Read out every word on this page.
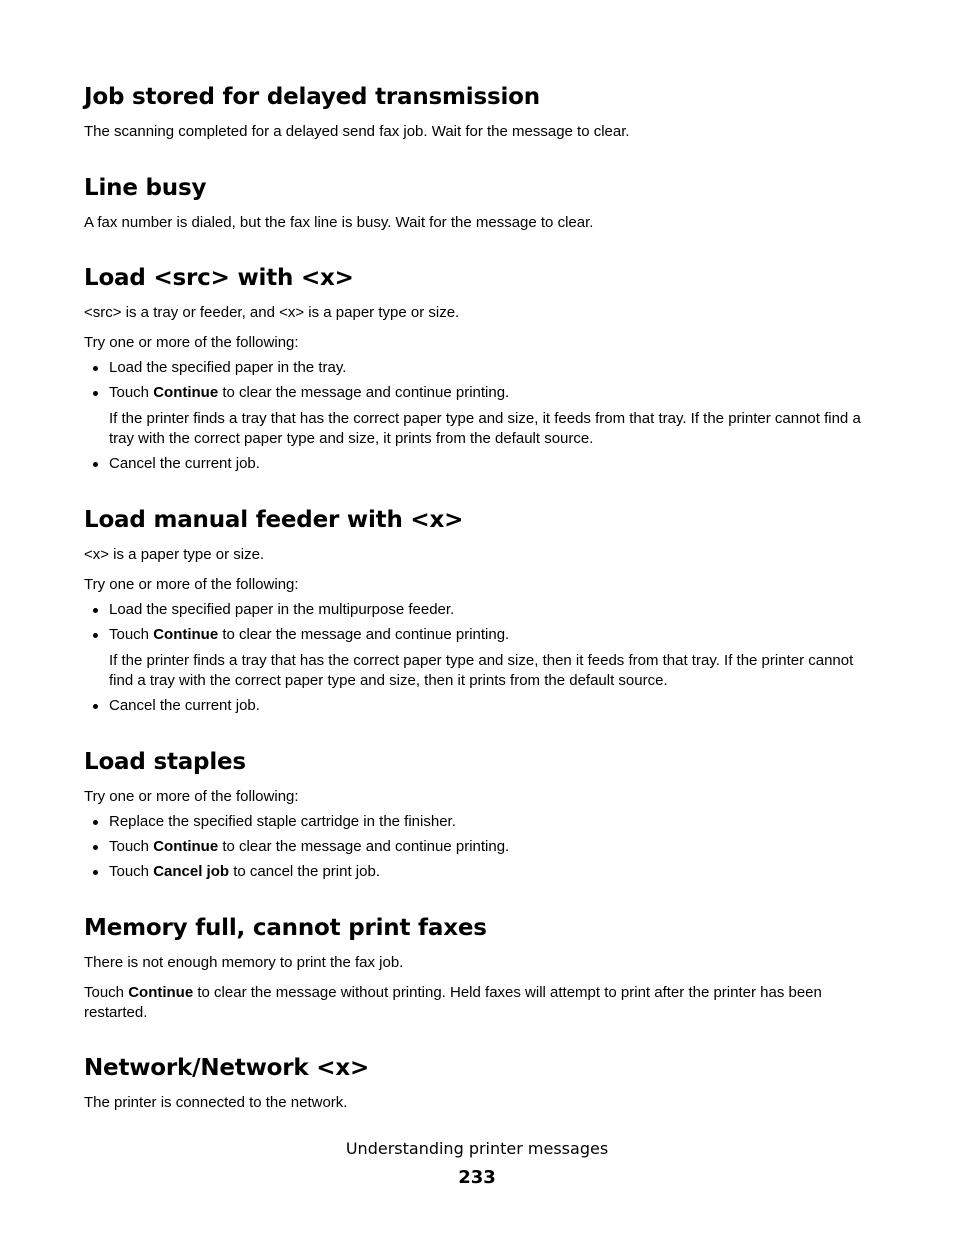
Job stored for delayed transmission

The scanning completed for a delayed send fax job. Wait for the message to clear.

Line busy

A fax number is dialed, but the fax line is busy. Wait for the message to clear.

Load <src> with <x>

<src> is a tray or feeder, and <x> is a paper type or size.

Try one or more of the following:

Load the specified paper in the tray.
Touch Continue to clear the message and continue printing.

If the printer finds a tray that has the correct paper type and size, it feeds from that tray. If the printer cannot find a tray with the correct paper type and size, it prints from the default source.

Cancel the current job.
Load manual feeder with <x>

<x> is a paper type or size.

Try one or more of the following:

Load the specified paper in the multipurpose feeder.
Touch Continue to clear the message and continue printing.

If the printer finds a tray that has the correct paper type and size, then it feeds from that tray. If the printer cannot find a tray with the correct paper type and size, then it prints from the default source.

Cancel the current job.
Load staples

Try one or more of the following:

Replace the specified staple cartridge in the finisher.
Touch Continue to clear the message and continue printing.
Touch Cancel job to cancel the print job.
Memory full, cannot print faxes

There is not enough memory to print the fax job.

Touch Continue to clear the message without printing. Held faxes will attempt to print after the printer has been restarted.

Network/Network <x>

The printer is connected to the network.

Understanding printer messages
233
